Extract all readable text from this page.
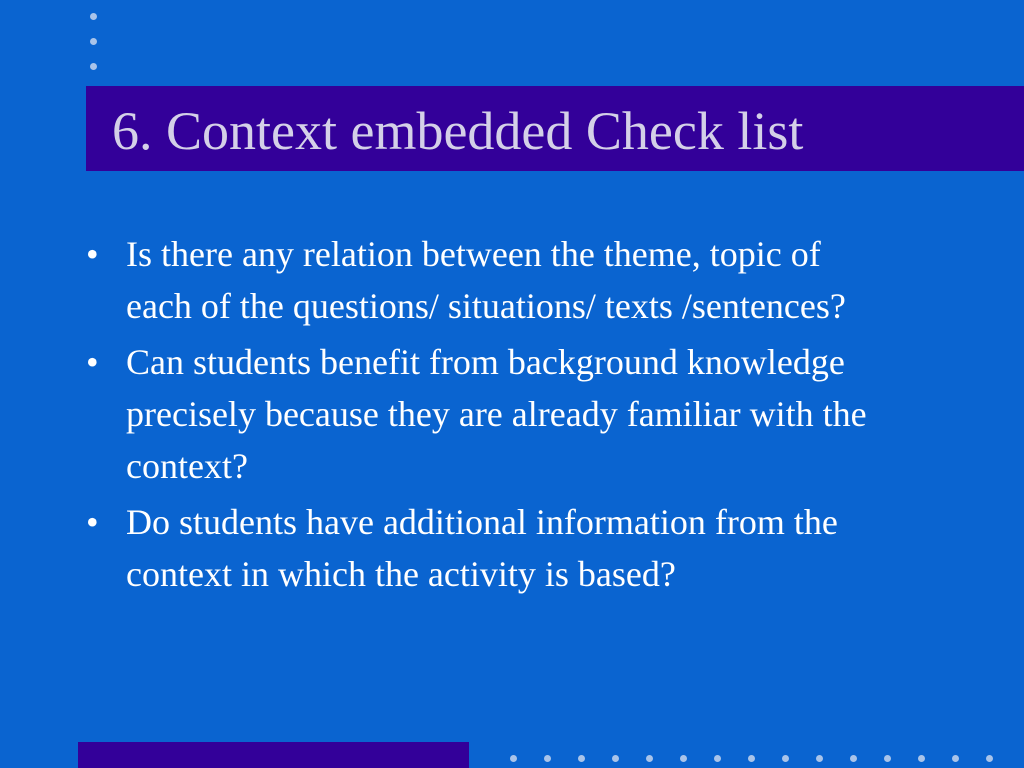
6. Context embedded Check list
• Is there any relation between the theme, topic of each of the questions/ situations/ texts /sentences?
• Can students benefit from background knowledge precisely because they are already familiar with the context?
• Do students have additional information from the context in which the activity is based?
